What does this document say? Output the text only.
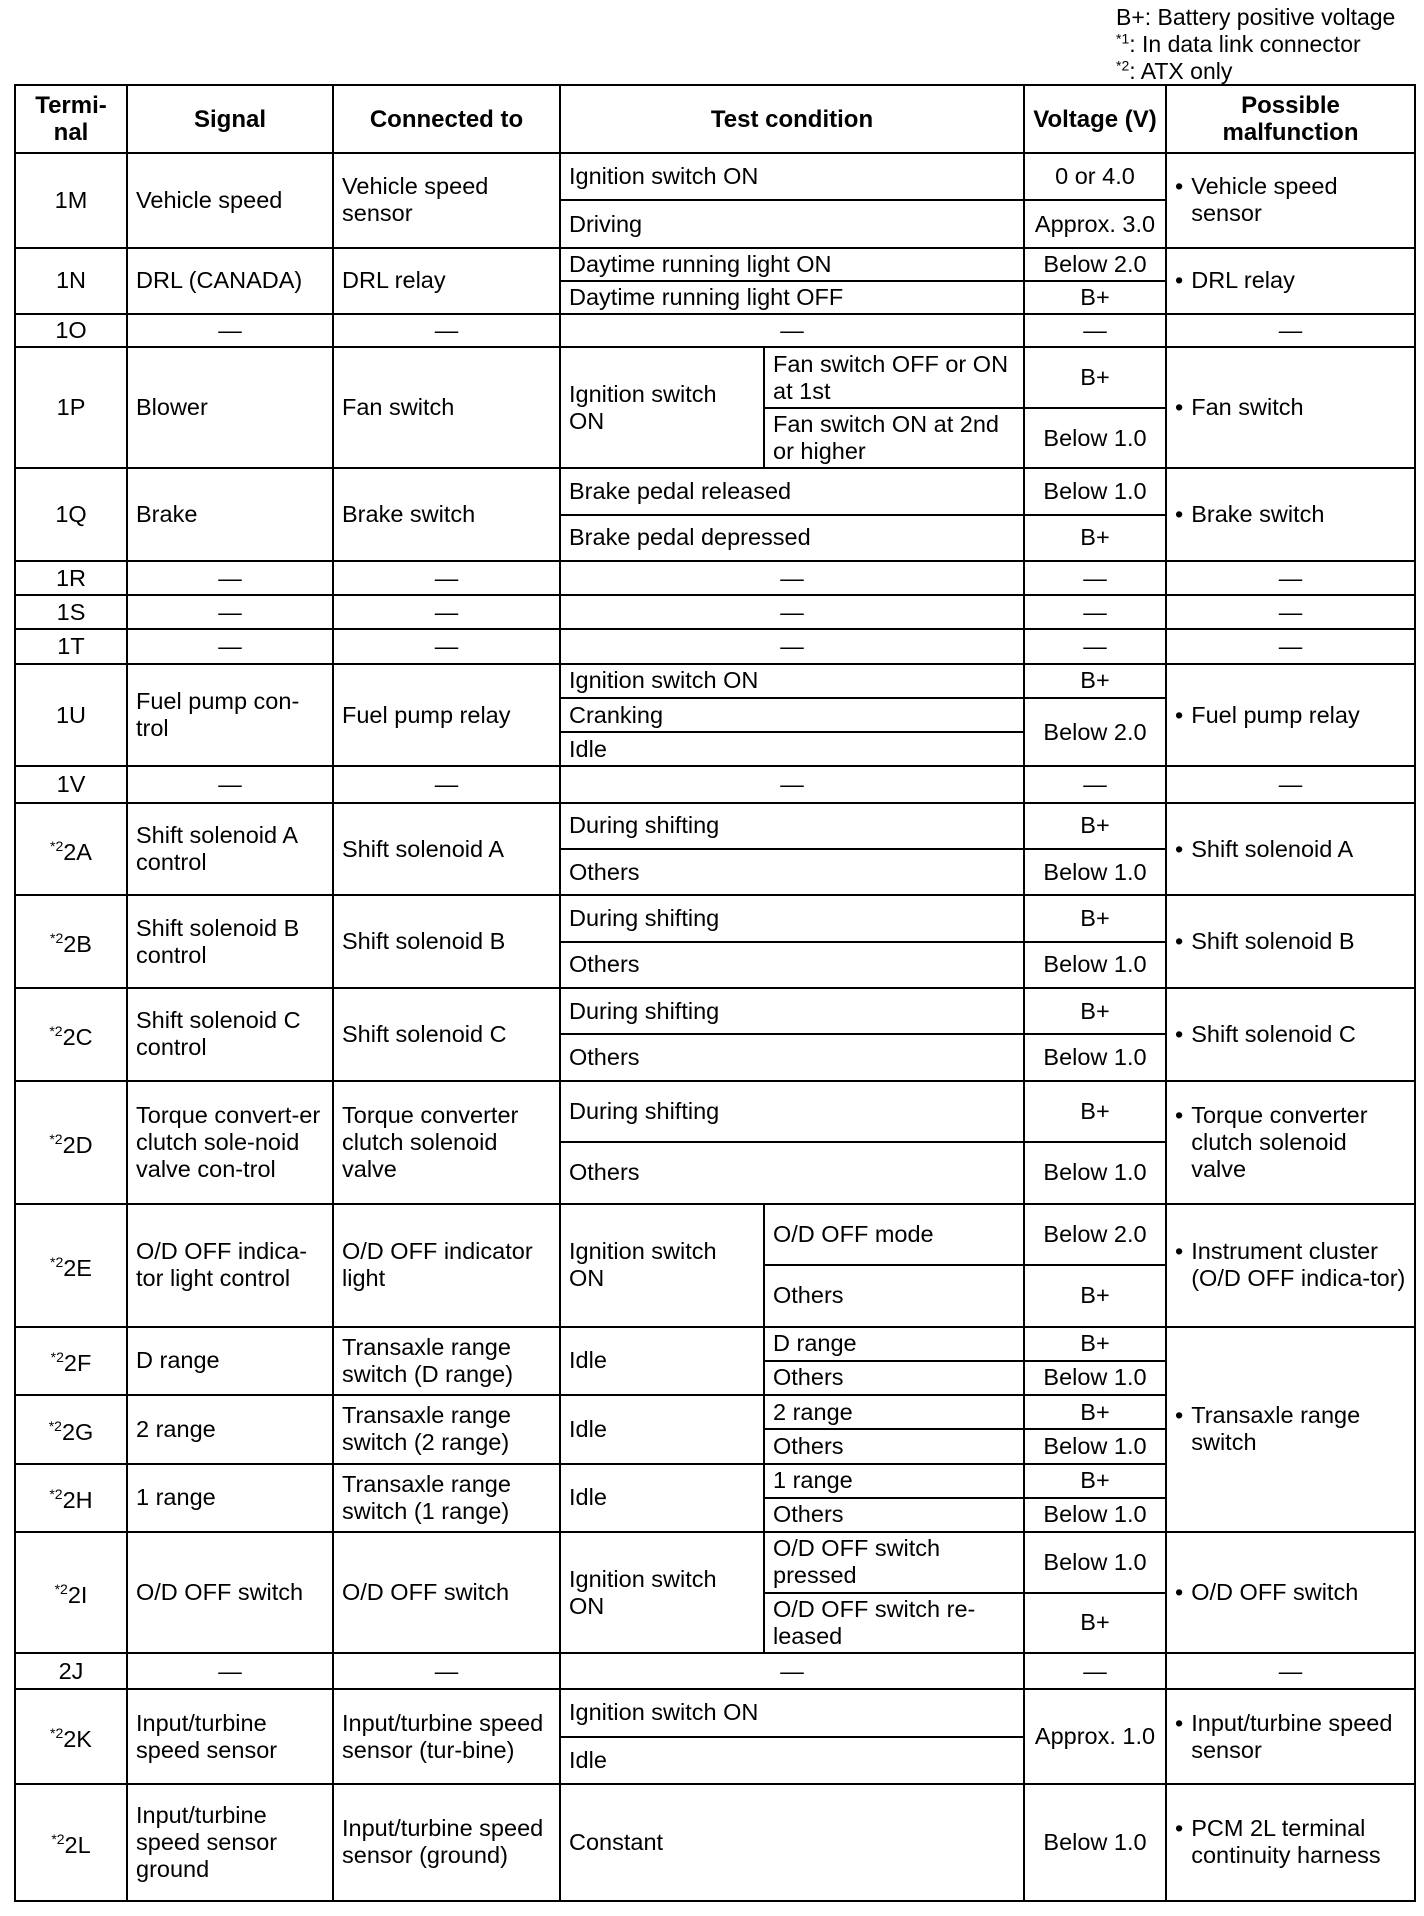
B+: Battery positive voltage
$^{*1}$: In data link connector
$^{*2}$: ATX only
Termi-nal	Signal	Connected to	Test condition		Voltage (V)	Possible malfunction
1M	Vehicle speed	Vehicle speed sensor	Ignition switch ON		0 or 4.0	• Vehicle speed sensor

			Driving		Approx. 3.0	
1N	DRL (CANADA)	DRL relay	Daytime running light ON		Below 2.0	• DRL relay

			Daytime running light OFF		B+	
1O	—	—	—		—	—
1P	Blower	Fan switch	Ignition switch ON	Fan switch OFF or ON at 1st	B+	• Fan switch

				Fan switch ON at 2nd or higher	Below 1.0	
1Q	Brake	Brake switch	Brake pedal released		Below 1.0	• Brake switch

			Brake pedal depressed		B+	
1R	—	—	—		—	—
1S	—	—	—		—	—
1T	—	—	—		—	—
1U	Fuel pump con-trol	Fuel pump relay	Ignition switch ON		B+	• Fuel pump relay

			Cranking		Below 2.0	
			Idle			
1V	—	—	—		—	—
$^{*2}$2A	Shift solenoid A control	Shift solenoid A	During shifting		B+	• Shift solenoid A

			Others		Below 1.0	
$^{*2}$2B	Shift solenoid B control	Shift solenoid B	During shifting		B+	• Shift solenoid B

			Others		Below 1.0	
$^{*2}$2C	Shift solenoid C control	Shift solenoid C	During shifting		B+	• Shift solenoid C

			Others		Below 1.0	
$^{*2}$2D	Torque convert-er clutch sole-noid valve con-trol	Torque converter clutch solenoid valve	During shifting		B+	• Torque converter clutch solenoid valve

			Others		Below 1.0	
$^{*2}$2E	O/D OFF indica-tor light control	O/D OFF indicator light	Ignition switch ON	O/D OFF mode	Below 2.0	• Instrument cluster (O/D OFF indica-tor)

				Others	B+	
$^{*2}$2F	D range	Transaxle range switch (D range)	Idle	D range	B+	• Transaxle range switch

				Others	Below 1.0	
$^{*2}$2G	2 range	Transaxle range switch (2 range)	Idle	2 range	B+	
				Others	Below 1.0	
$^{*2}$2H	1 range	Transaxle range switch (1 range)	Idle	1 range	B+	
				Others	Below 1.0	
$^{*2}$2I	O/D OFF switch	O/D OFF switch	Ignition switch ON	O/D OFF switch pressed	Below 1.0	• O/D OFF switch

				O/D OFF switch re-leased	B+	
2J	—	—	—		—	—
$^{*2}$2K	Input/turbine speed sensor	Input/turbine speed sensor (tur-bine)	Ignition switch ON		Approx. 1.0	• Input/turbine speed sensor

			Idle			
$^{*2}$2L	Input/turbine speed sensor ground	Input/turbine speed sensor (ground)	Constant		Below 1.0	• PCM 2L terminal continuity harness
